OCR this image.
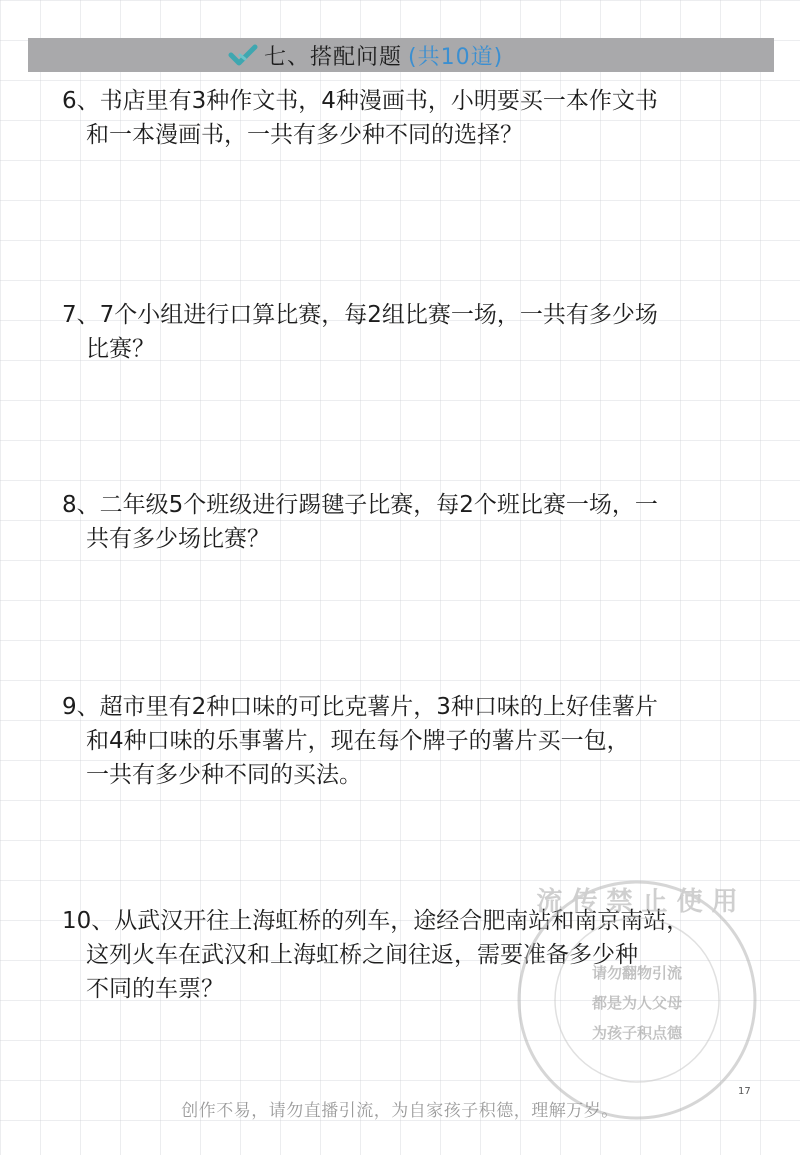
七、搭配问题 (共10道)
6、书店里有3种作文书，4种漫画书，小明要买一本作文书
和一本漫画书，一共有多少种不同的选择？
7、7个小组进行口算比赛，每2组比赛一场，一共有多少场
比赛？
8、二年级5个班级进行踢毽子比赛，每2个班比赛一场，一
共有多少场比赛？
9、超市里有2种口味的可比克薯片，3种口味的上好佳薯片
和4种口味的乐事薯片，现在每个牌子的薯片买一包，
一共有多少种不同的买法。
10、从武汉开往上海虹桥的列车，途经合肥南站和南京南站，
这列火车在武汉和上海虹桥之间往返，需要准备多少种
不同的车票？
流 传 禁 止 使 用
请勿翻物引流
都是为人父母
为孩子积点德
17
创作不易，请勿直播引流，为自家孩子积德，理解万岁。
